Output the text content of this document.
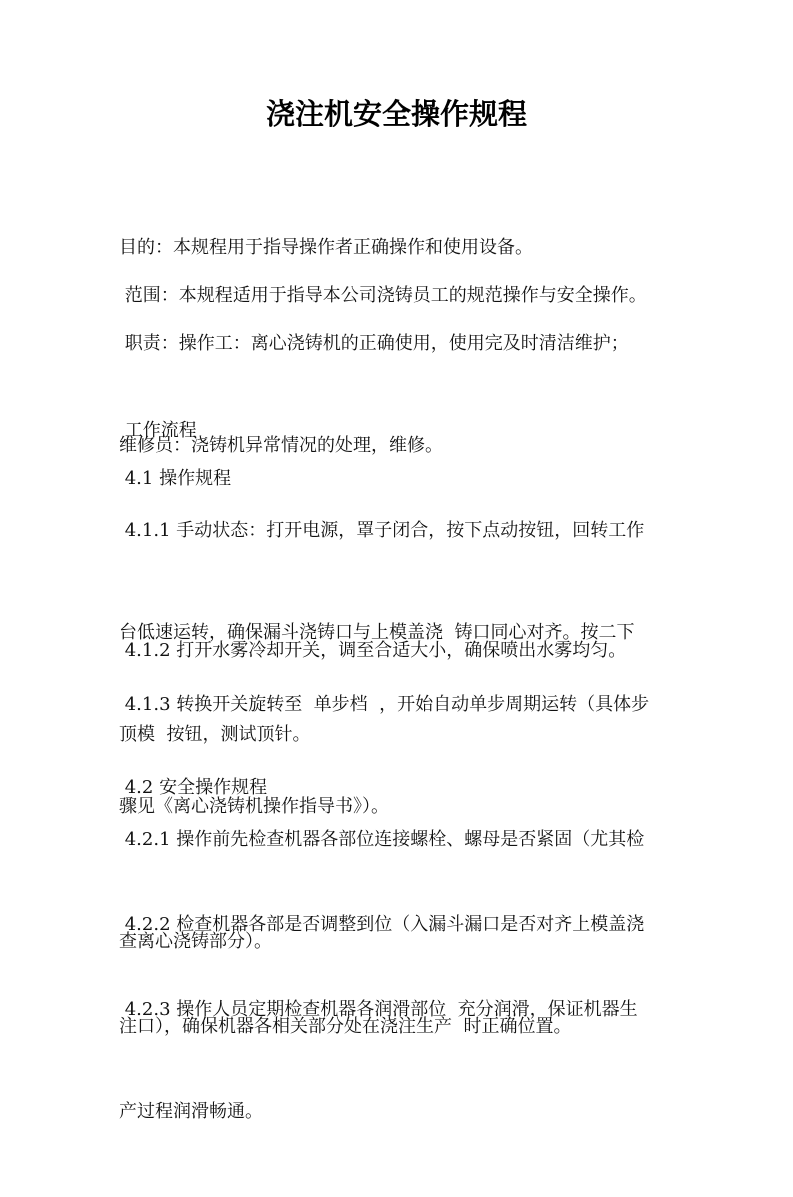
浇注机安全操作规程

目的：本规程用于指导操作者正确操作和使用设备。

范围：本规程适用于指导本公司浇铸员工的规范操作与安全操作。

职责：操作工：离心浇铸机的正确使用，使用完及时清洁维护；

维修员：浇铸机异常情况的处理，维修。

工作流程

4.1 操作规程

4.1.1 手动状态：打开电源，罩子闭合，按下点动按钮，回转工作

台低速运转，确保漏斗浇铸口与上模盖浇  铸口同心对齐。按二下

顶模  按钮，测试顶针。

4.1.2 打开水雾冷却开关，调至合适大小，确保喷出水雾均匀。

4.1.3 转换开关旋转至  单步档  ，开始自动单步周期运转（具体步

骤见《离心浇铸机操作指导书》）。

4.2 安全操作规程

4.2.1 操作前先检查机器各部位连接螺栓、螺母是否紧固（尤其检

查离心浇铸部分）。

4.2.2 检查机器各部是否调整到位（入漏斗漏口是否对齐上模盖浇

注口），确保机器各相关部分处在浇注生产  时正确位置。

4.2.3 操作人员定期检查机器各润滑部位  充分润滑，保证机器生

产过程润滑畅通。
